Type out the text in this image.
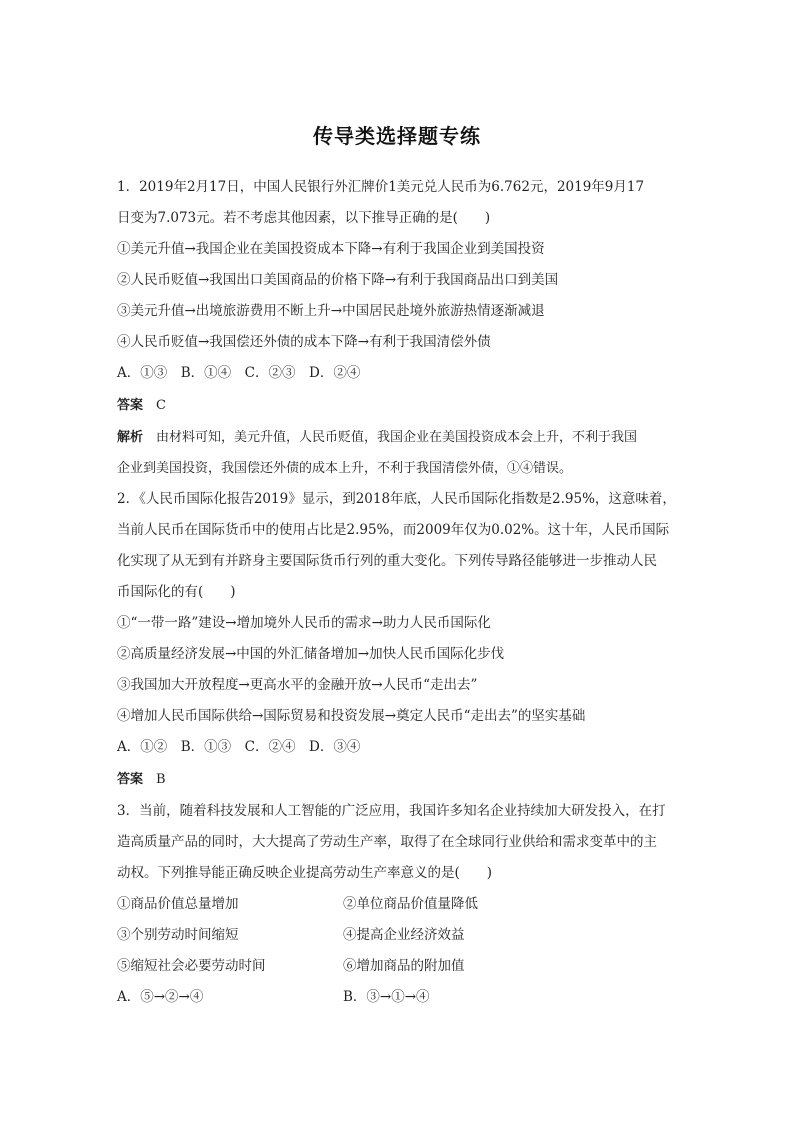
传导类选择题专练
1．2019年2月17日，中国人民银行外汇牌价1美元兑人民币为6.762元，2019年9月17
日变为7.073元。若不考虑其他因素，以下推导正确的是(　　)
①美元升值→我国企业在美国投资成本下降→有利于我国企业到美国投资
②人民币贬值→我国出口美国商品的价格下降→有利于我国商品出口到美国
③美元升值→出境旅游费用不断上升→中国居民赴境外旅游热情逐渐减退
④人民币贬值→我国偿还外债的成本下降→有利于我国清偿外债
A．①③　B．①④　C．②③　D．②④
答案　 C
解析　 由材料可知，美元升值，人民币贬值，我国企业在美国投资成本会上升，不利于我国
企业到美国投资，我国偿还外债的成本上升，不利于我国清偿外债，①④错误。
2．《人民币国际化报告2019》显示，到2018年底，人民币国际化指数是2.95%，这意味着，
当前人民币在国际货币中的使用占比是2.95%，而2009年仅为0.02%。这十年，人民币国际
化实现了从无到有并跻身主要国际货币行列的重大变化。下列传导路径能够进一步推动人民
币国际化的有(　　)
①“一带一路”建设→增加境外人民币的需求→助力人民币国际化
②高质量经济发展→中国的外汇储备增加→加快人民币国际化步伐
③我国加大开放程度→更高水平的金融开放→人民币“走出去”
④增加人民币国际供给→国际贸易和投资发展→奠定人民币“走出去”的坚实基础
A．①②　B．①③　C．②④　D．③④
答案　 B
3．当前，随着科技发展和人工智能的广泛应用，我国许多知名企业持续加大研发投入，在打
造高质量产品的同时，大大提高了劳动生产率，取得了在全球同行业供给和需求变革中的主
动权。下列推导能正确反映企业提高劳动生产率意义的是(　　)
①商品价值总量增加	②单位商品价值量降低
③个别劳动时间缩短	④提高企业经济效益
⑤缩短社会必要劳动时间	⑥增加商品的附加值
A．⑤→②→④	B．③→①→④
